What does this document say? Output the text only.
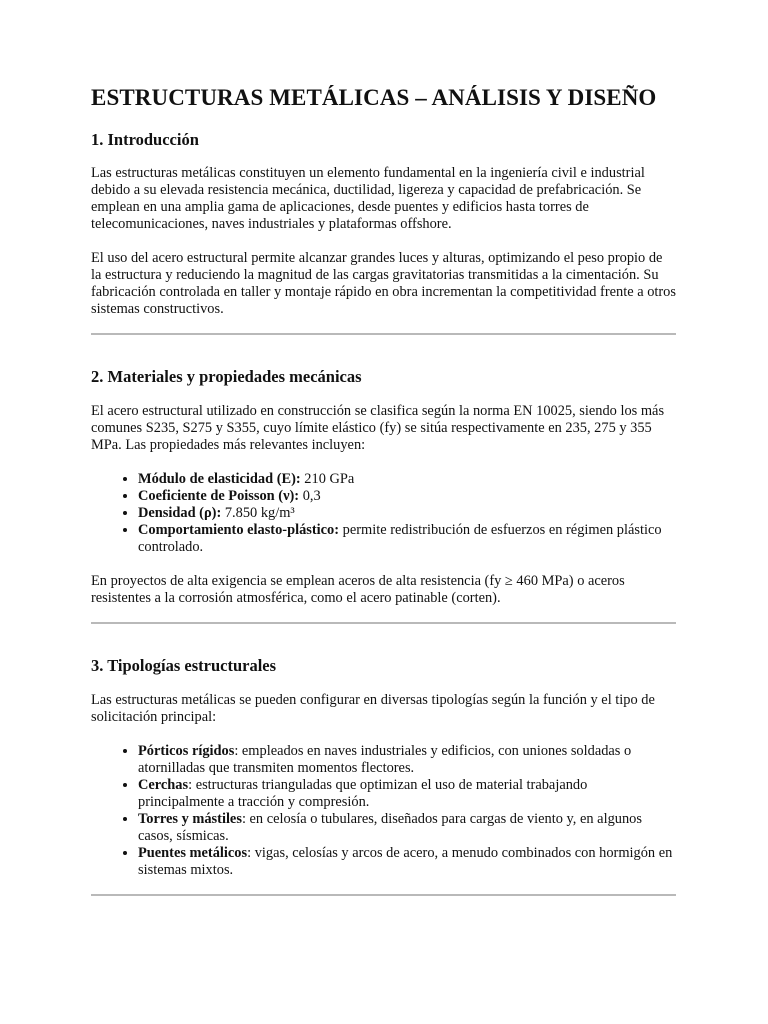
ESTRUCTURAS METÁLICAS – ANÁLISIS Y DISEÑO
1. Introducción

Las estructuras metálicas constituyen un elemento fundamental en la ingeniería civil e industrial debido a su elevada resistencia mecánica, ductilidad, ligereza y capacidad de prefabricación. Se emplean en una amplia gama de aplicaciones, desde puentes y edificios hasta torres de telecomunicaciones, naves industriales y plataformas offshore.

El uso del acero estructural permite alcanzar grandes luces y alturas, optimizando el peso propio de la estructura y reduciendo la magnitud de las cargas gravitatorias transmitidas a la cimentación. Su fabricación controlada en taller y montaje rápido en obra incrementan la competitividad frente a otros sistemas constructivos.

2. Materiales y propiedades mecánicas

El acero estructural utilizado en construcción se clasifica según la norma EN 10025, siendo los más comunes S235, S275 y S355, cuyo límite elástico (fy) se sitúa respectivamente en 235, 275 y 355 MPa. Las propiedades más relevantes incluyen:

• Módulo de elasticidad (E): 210 GPa
• Coeficiente de Poisson (ν): 0,3
• Densidad (ρ): 7.850 kg/m³
• Comportamiento elasto-plástico: permite redistribución de esfuerzos en régimen plástico controlado.

En proyectos de alta exigencia se emplean aceros de alta resistencia (fy ≥ 460 MPa) o aceros resistentes a la corrosión atmosférica, como el acero patinable (corten).

3. Tipologías estructurales

Las estructuras metálicas se pueden configurar en diversas tipologías según la función y el tipo de solicitación principal:

• Pórticos rígidos: empleados en naves industriales y edificios, con uniones soldadas o atornilladas que transmiten momentos flectores.
• Cerchas: estructuras trianguladas que optimizan el uso de material trabajando principalmente a tracción y compresión.
• Torres y mástiles: en celosía o tubulares, diseñados para cargas de viento y, en algunos casos, sísmicas.
• Puentes metálicos: vigas, celosías y arcos de acero, a menudo combinados con hormigón en sistemas mixtos.
